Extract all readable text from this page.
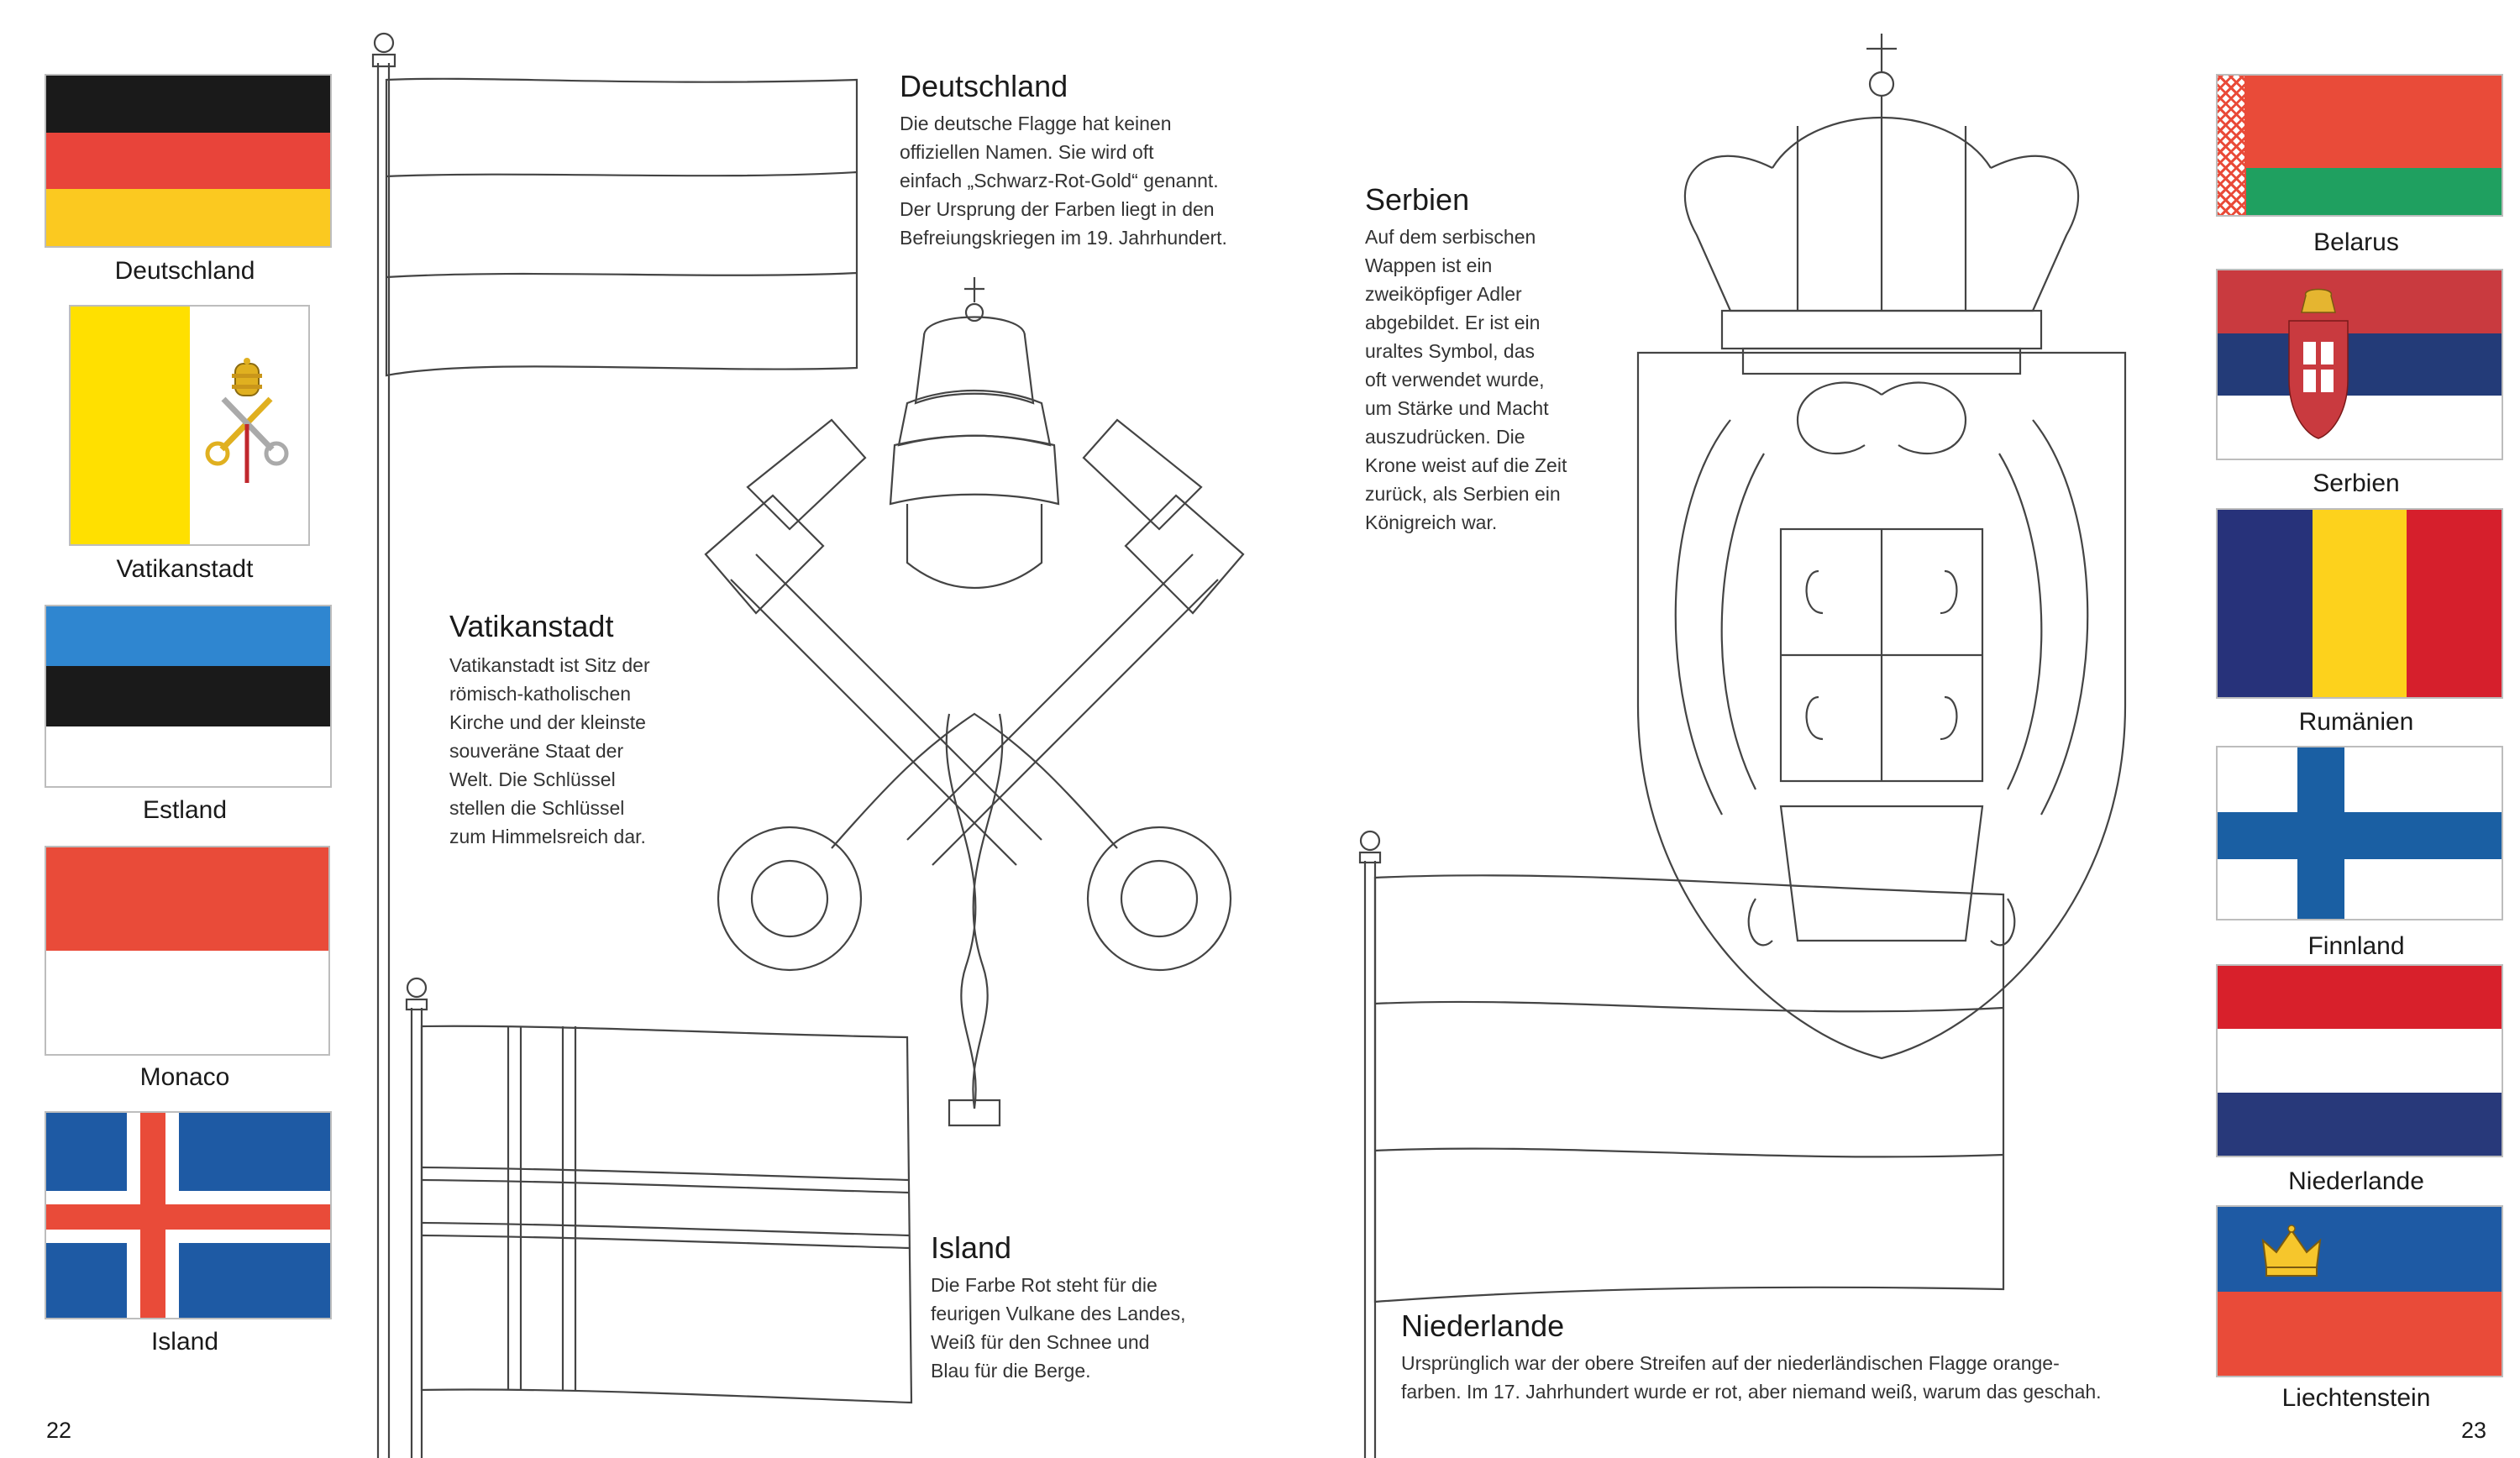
Deutschland
Vatikanstadt
Estland
Monaco
Island
22
Deutschland
Die deutsche Flagge hat keinen
offiziellen Namen. Sie wird oft
einfach „Schwarz-Rot-Gold“ genannt.
Der Ursprung der Farben liegt in den
Befreiungskriegen im 19. Jahrhundert.
Vatikanstadt
Vatikanstadt ist Sitz der
römisch-katholischen
Kirche und der kleinste
souveräne Staat der
Welt. Die Schlüssel
stellen die Schlüssel
zum Himmelsreich dar.
Island
Die Farbe Rot steht für die
feurigen Vulkane des Landes,
Weiß für den Schnee und
Blau für die Berge.
Serbien
Auf dem serbischen
Wappen ist ein
zweiköpfiger Adler
abgebildet. Er ist ein
uraltes Symbol, das
oft verwendet wurde,
um Stärke und Macht
auszudrücken. Die
Krone weist auf die Zeit
zurück, als Serbien ein
Königreich war.
Niederlande
Ursprünglich war der obere Streifen auf der niederländischen Flagge orange-
farben. Im 17. Jahrhundert wurde er rot, aber niemand weiß, warum das geschah.
Belarus
Serbien
Rumänien
Finnland
Niederlande
Liechtenstein
23
